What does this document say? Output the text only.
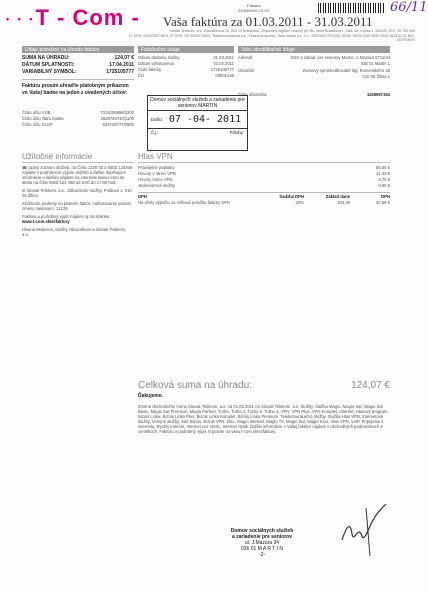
• • •T - Com -	Faktúra
043969907-01-02	66/11
Vaša faktúra za 01.03.2011 - 31.03.2011
Slovak Telekom, a.s., Karadžičova 10, 825 13 Bratislava, Obchodný register vedený pri Okr. súde Bratislava I., odd. Sa, vložka č. 2081/B, IČO: 35 763 469
IČ DPH: SK2020273893, IČ DPH: SK 2020273893, Telekomunikačná a.s., Finančná správa, Tatra banka a.s. č.ú.: 2628150170/1100, IBAN: SK39 1100 0000 0026 2815 0170, BIC: TATRSKBX
Údaje potrebné na úhradu faktúry
SUMA NA ÚHRADU:	124,07 €
DÁTUM SPLATNOSTI:	17.04.2011
VARIABILNÝ SYMBOL:	1725105777
Faktúru prosím uhraďte platobným príkazom vo Vašej banke na jeden z uvedených účtov:
Číslo účtu VÚB	7314006858/0200
Číslo účtu Tatra banka	2628740740/1100
Číslo účtu SLSP	633738777/0900
Faktúračné údaje
Dátum dodania služby	31.03.2011
Dátum vyhotovenia	03.04.2011
Číslo faktúry	1725105777
ČÚ	00601435
Vaše identifikačné údaje
Adresát	DSS a zariad. pre seniorov Martin, J. Mazúra 5711/34
036 01 Martin 1
Účastník	Zvonový sprostredkovateľ ktg, Komenského 48
010 08 Žilina 1
Číslo účastníka	1155097194
Domov sociálnych služieb a zariadenie pre seniorov MARTIN
Došlo: 07 -04- 2011
Č.j.:	Prílohy:
Užitočné informácie
☎ Úplný zoznam služieb, na Číslo 1225 02 a 0800 123456 nájdete v podrobnom výpise služieb a ďalšie doplňujúce informácie o faktúre nájdete na internete www.t-com.sk alebo na čísle 0800 123 456 od 8:00 do 17:00 hod.
✉ Slovak Telekom, a.s., Zákaznícke služby, Poštová 1, 010 08 Žilina
Sťažnosti, podnety na platenie faktúr, nahlasovanie porúch, zmeny nastavení: 12129
Faktúru a podrobný výpis nájdete aj na stránke:
www.t-com.sk/ezfaktury
Hlavná Moderná, Služby zákazníkom a Slovak Telekom, a.s.
Hlas VPN
Pravidelné poplatky	58,55 €
Hovory v rámci VPN	41,33 €
Hovory mimo VPN	4,70 €
Jednorazové služby	0,90 €
DPH	Sadzba DPH	Základ dane	DPH
Na účely výpočtu za celkovú položku faktúry DPH	20%	103,39	20,68 €
Celková suma na úhradu:	124,07 €
Ďakujeme.
Zmena obchodného mena Slovak Telekom, a.s. od 01.03.2011 na Slovak Telekom, a.s. Služby, Služba Magio, Magio Sat, Magio Sat Basic, Magio Sat Premium, Magio Partner, Turbo, Turbo 2, Turbo 3, Turbo 4, VPN, VPN Plus, VPN Komplet, Internet, Hlasový program, Biznis Linka, Biznis Linka Plus, Biznis Linka Komplet, Biznis Linka Premium. Telekomunikačné služby, Služba Hlas VPN, Internetové služby, Verejné služby, Sieť Biznis, Biznis VPN. DSL, Magio Internet, Magio TV, Magio Sat, Magio Kino, Hlas VPN, VoIP. Pripojenie k internetu, Rýchly internet, Internet cez ADSL, Internet Optik. Ďalšie informácie o Vašej faktúre nájdete v obchodných podmienkach a cenníkoch. Faktúru a podrobný výpis si pozrite na www.t-com.sk/ezfaktury.
Domov sociálnych služieb
a zariadenie pre seniorov
ul. J.Mazúra 34
036 01 M A R T I N
-2-
